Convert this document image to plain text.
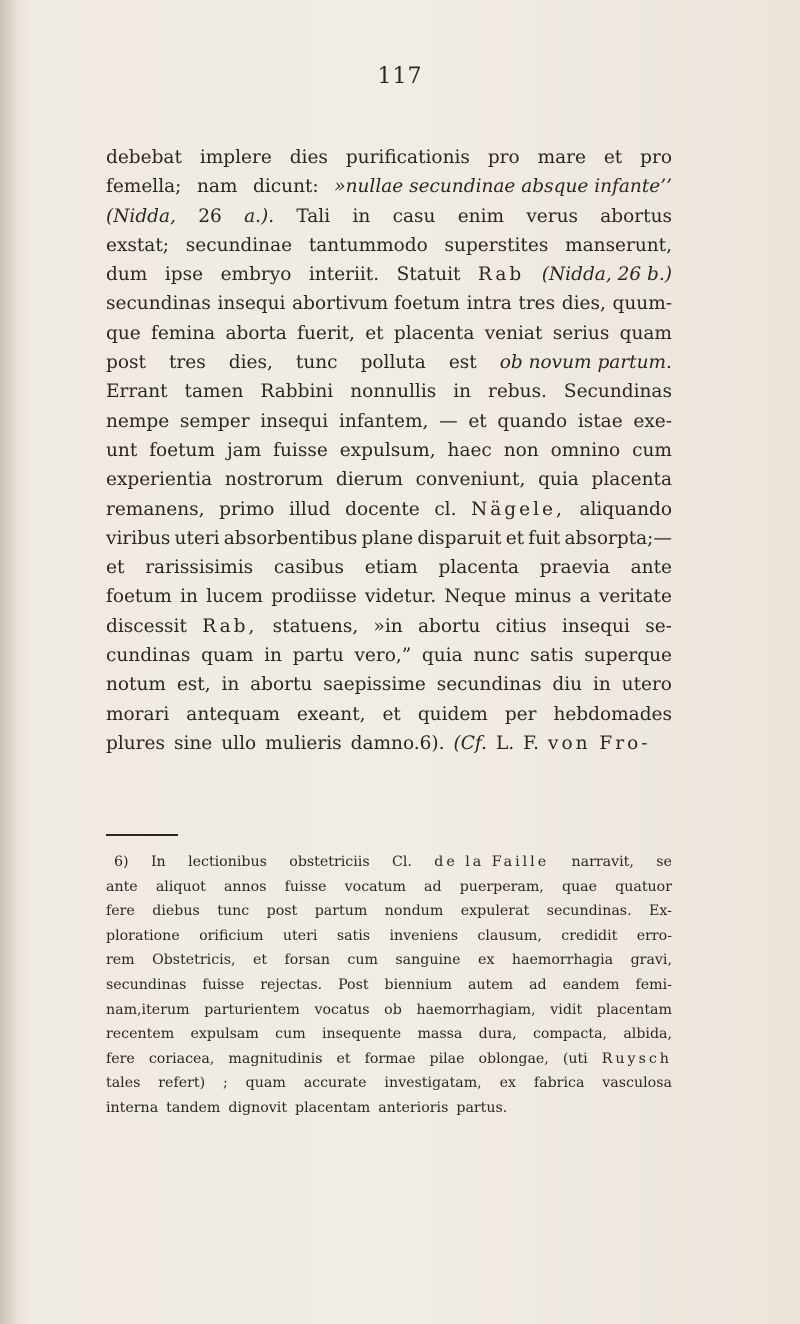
117
debebat implere dies purificationis pro mare et pro
femella; nam dicunt: »nullae secundinae absque infante’’
(Nidda, 26 a.). Tali in casu enim verus abortus
exstat; secundinae tantummodo superstites manserunt,
dum ipse embryo interiit. Statuit Rab (Nidda, 26 b.)
secundinas insequi abortivum foetum intra tres dies, quum-
que femina aborta fuerit, et placenta veniat serius quam
post tres dies, tunc polluta est ob novum partum.
Errant tamen Rabbini nonnullis in rebus. Secundinas
nempe semper insequi infantem, — et quando istae exe-
unt foetum jam fuisse expulsum, haec non omnino cum
experientia nostrorum dierum conveniunt, quia placenta
remanens, primo illud docente cl. Nägele, aliquando
viribus uteri absorbentibus plane disparuit et fuit absorpta;—
et rarissisimis casibus etiam placenta praevia ante
foetum in lucem prodiisse videtur. Neque minus a veritate
discessit Rab, statuens, »in abortu citius insequi se-
cundinas quam in partu vero,” quia nunc satis superque
notum est, in abortu saepissime secundinas diu in utero
morari antequam exeant, et quidem per hebdomades
plures sine ullo mulieris damno.6). (Cf. L. F. von Fro-
6) In lectionibus obstetriciis Cl. de la Faille narravit, se
ante aliquot annos fuisse vocatum ad puerperam, quae quatuor
fere diebus tunc post partum nondum expulerat secundinas. Ex-
ploratione orificium uteri satis inveniens clausum, credidit erro-
rem Obstetricis, et forsan cum sanguine ex haemorrhagia gravi,
secundinas fuisse rejectas. Post biennium autem ad eandem femi-
nam,iterum parturientem vocatus ob haemorrhagiam, vidit placentam
recentem expulsam cum insequente massa dura, compacta, albida,
fere coriacea, magnitudinis et formae pilae oblongae, (uti Ruysch
tales refert) ; quam accurate investigatam, ex fabrica vasculosa
interna tandem dignovit placentam anterioris partus.
